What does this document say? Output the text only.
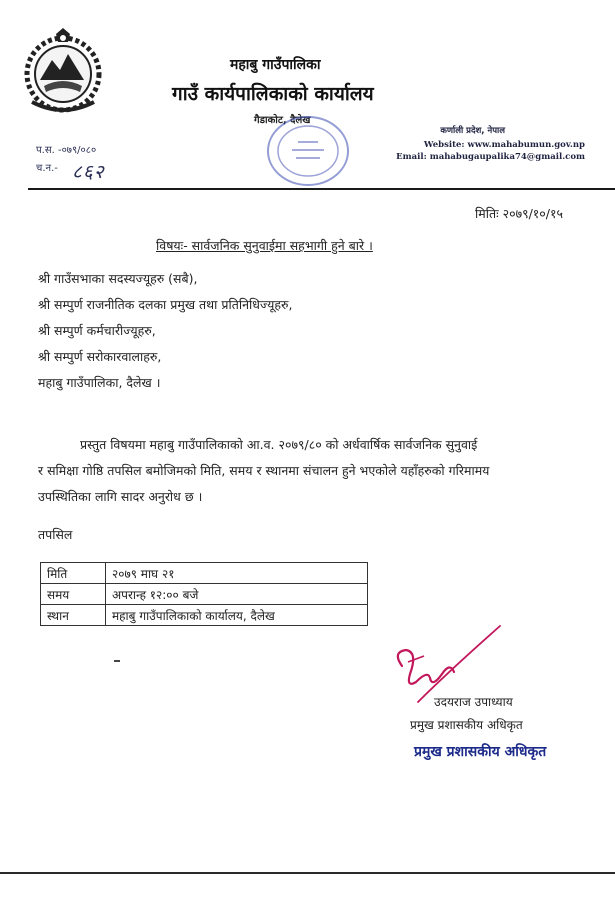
महाबु गाउँपालिका
गाउँ कार्यपालिकाको कार्यालय
गैडाकोट, दैलेख
कर्णाली प्रदेश, नेपाल
Website: www.mahabumun.gov.np
Email: mahabugaupalika74@gmail.com
प.स. -०७९/०८०
च.न.- ८६२
मितिः २०७९/१०/१५
विषयः- सार्वजनिक सुनुवाईमा सहभागी हुने बारे ।
श्री गाउँसभाका सदस्यज्यूहरु (सबै),
श्री सम्पुर्ण राजनीतिक दलका प्रमुख तथा प्रतिनिधिज्यूहरु,
श्री सम्पुर्ण कर्मचारीज्यूहरु,
श्री सम्पुर्ण सरोकारवालाहरु,
महाबु गाउँपालिका, दैलेख ।
प्रस्तुत विषयमा महाबु गाउँपालिकाको आ.व. २०७९/८० को अर्धवार्षिक सार्वजनिक सुनुवाई
र समिक्षा गोष्ठि तपसिल बमोजिमको मिति, समय र स्थानमा संचालन हुने भएकोले यहाँहरुको गरिमामय
उपस्थितिका लागि सादर अनुरोध छ ।
तपसिल
मिति	२०७९ माघ २१
समय	अपरान्ह १२:०० बजे
स्थान	महाबु गाउँपालिकाको कार्यालय, दैलेख
उदयराज उपाध्याय
प्रमुख प्रशासकीय अधिकृत
प्रमुख प्रशासकीय अधिकृत
